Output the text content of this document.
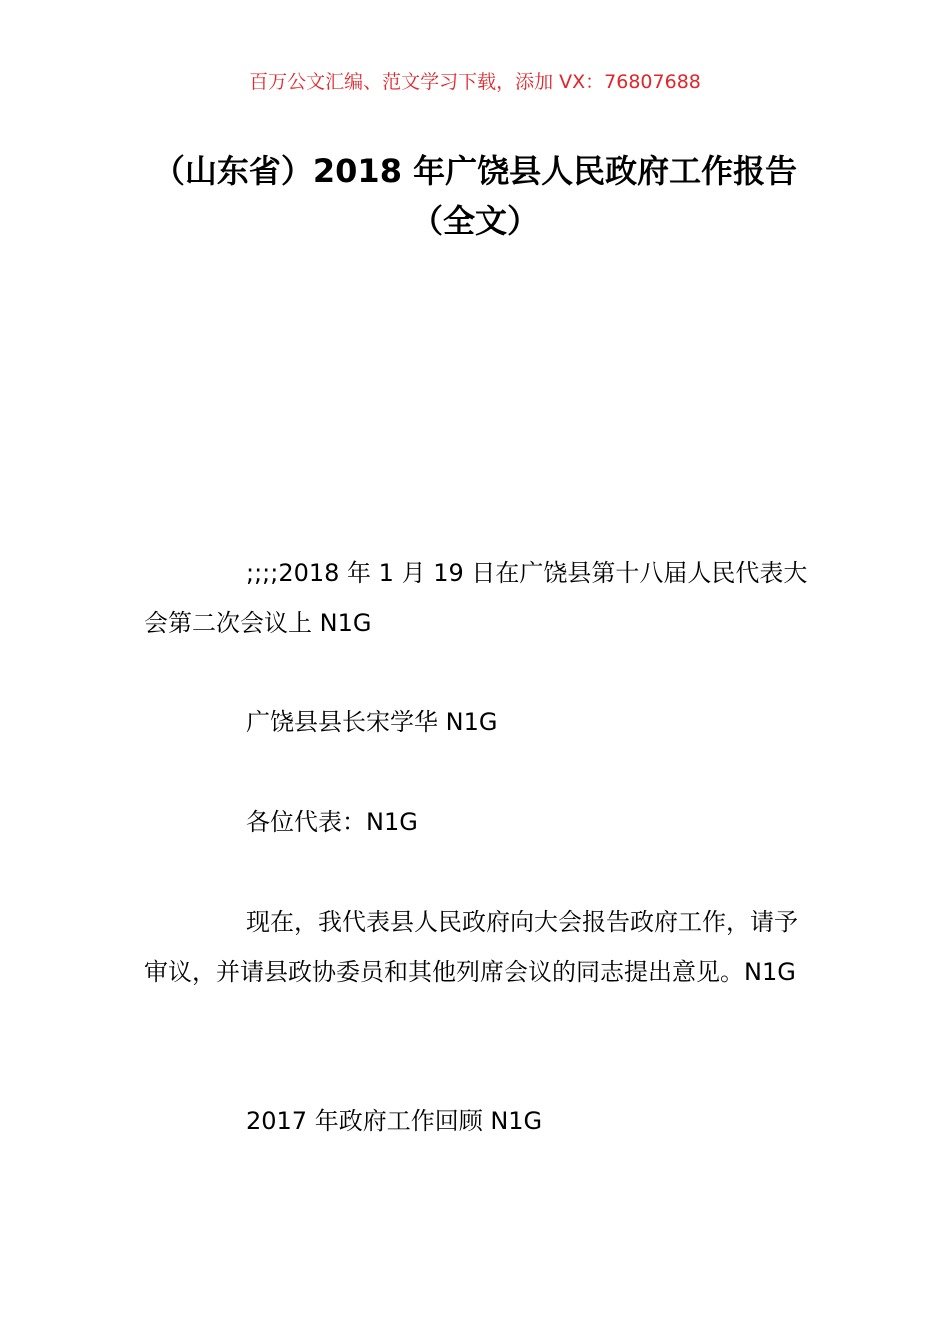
百万公文汇编、范文学习下载，添加 VX：76807688
（山东省）2018 年广饶县人民政府工作报告（全文）

;;;;2018 年 1 月 19 日在广饶县第十八届人民代表大会第二次会议上 N1G

广饶县县长宋学华 N1G

各位代表：N1G

现在，我代表县人民政府向大会报告政府工作，请予审议，并请县政协委员和其他列席会议的同志提出意见。N1G

2017 年政府工作回顾 N1G
